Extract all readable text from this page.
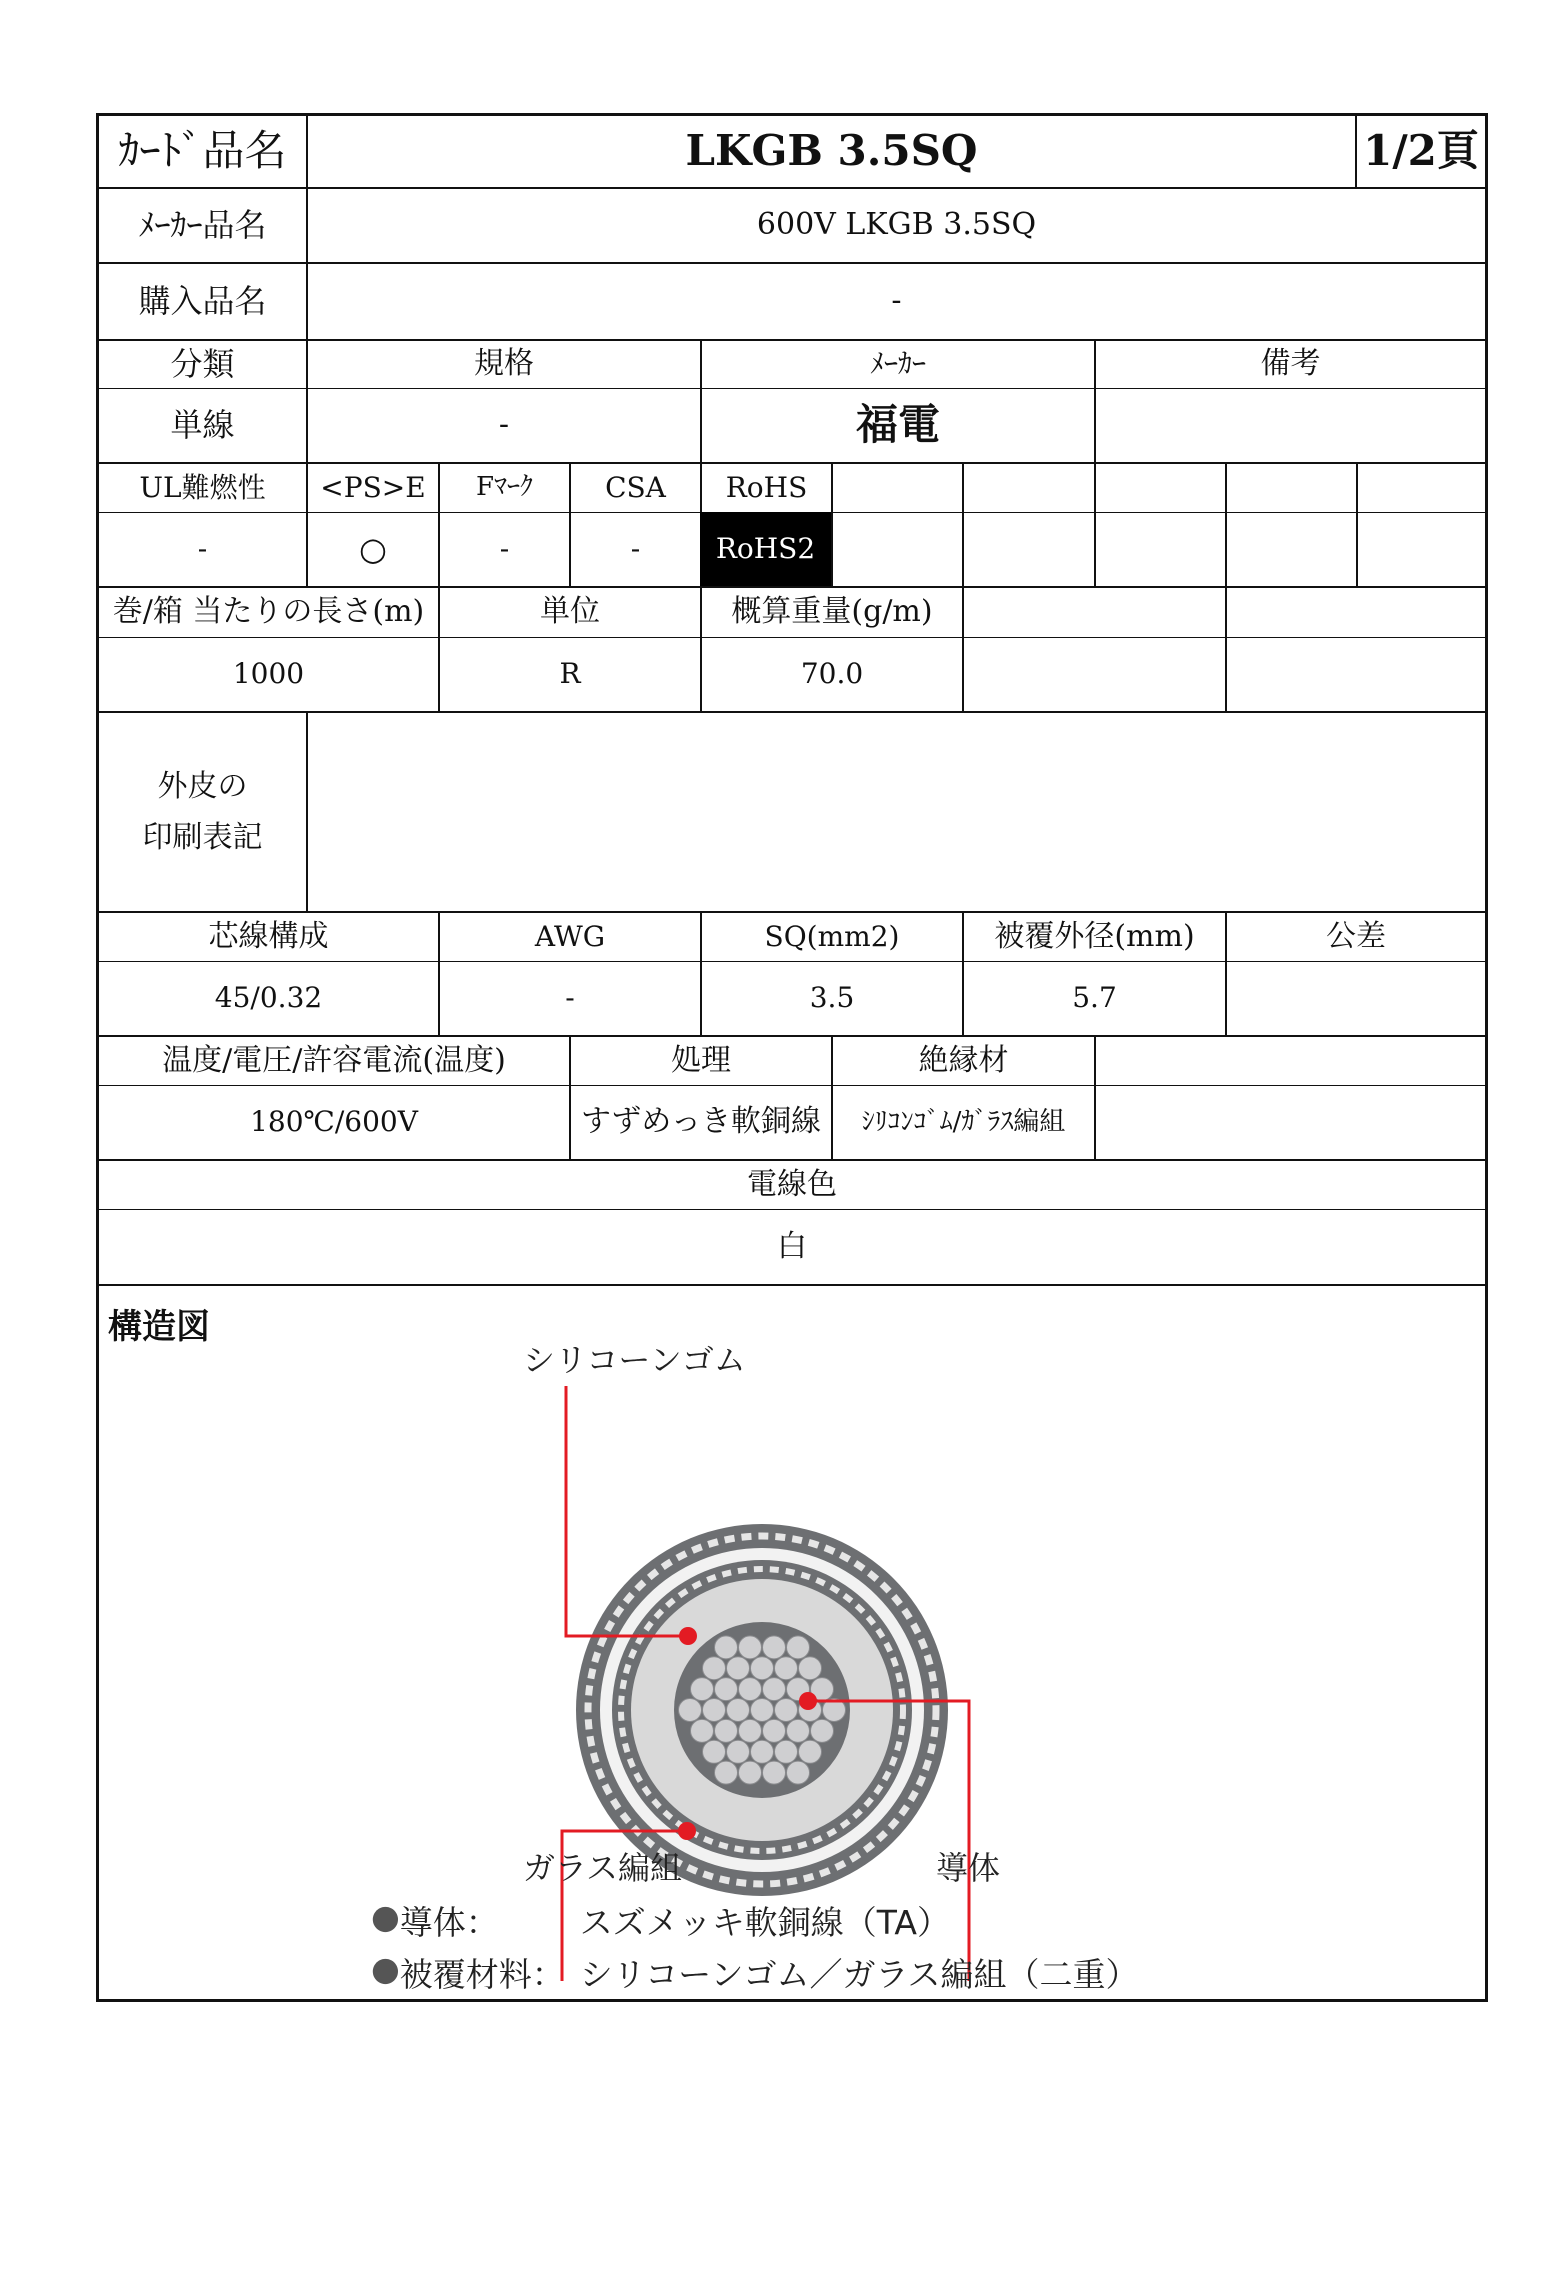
ｶｰﾄﾞ品名	LKGB 3.5SQ	1/2頁
ﾒｰｶｰ品名	600V LKGB 3.5SQ
購入品名	-
分類	規格	ﾒｰｶｰ	備考
単線	-	福電
UL難燃性	<PS>E	Fﾏｰｸ	CSA	RoHS
-	○	-	-	RoHS2
巻/箱 当たりの長さ(m)	単位	概算重量(g/m)
1000	R	70.0
外皮の
印刷表記
芯線構成	AWG	SQ(mm2)	被覆外径(mm)	公差
45/0.32	-	3.5	5.7
温度/電圧/許容電流(温度)	処理	絶縁材
180℃/600V	すずめっき軟銅線	ｼﾘｺﾝｺﾞﾑ/ｶﾞﾗｽ編組
電線色
白
構造図
シリコーンゴム
ガラス編組	導体
● 導体：	スズメッキ軟銅線（TA）
● 被覆材料： シリコーンゴム／ガラス編組（二重）
